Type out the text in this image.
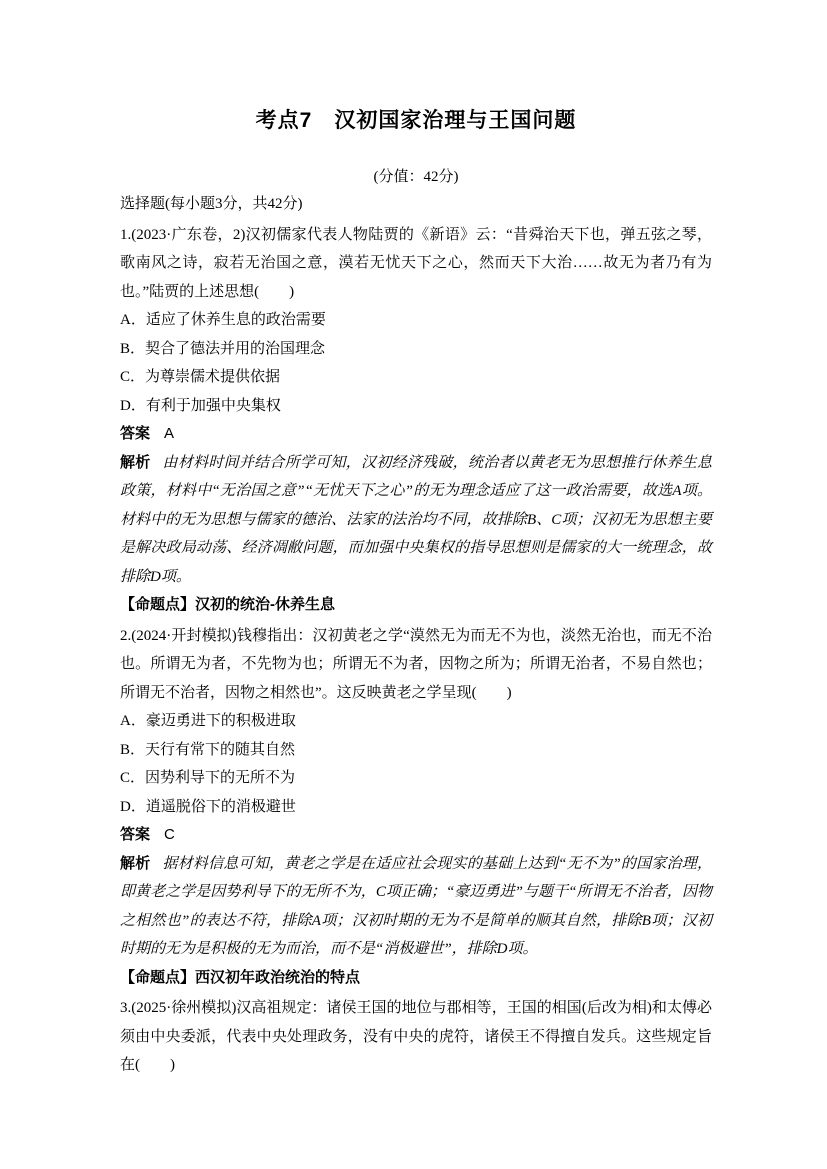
考点7　汉初国家治理与王国问题

(分值：42分)

选择题(每小题3分，共42分)

1.(2023·广东卷，2)汉初儒家代表人物陆贾的《新语》云：“昔舜治天下也，弹五弦之琴，歌南风之诗，寂若无治国之意，漠若无忧天下之心，然而天下大治……故无为者乃有为也。”陆贾的上述思想(　　)

A．适应了休养生息的政治需要

B．契合了德法并用的治国理念

C．为尊崇儒术提供依据

D．有利于加强中央集权

答案 A

解析 由材料时间并结合所学可知，汉初经济残破，统治者以黄老无为思想推行休养生息政策，材料中“无治国之意”“无忧天下之心”的无为理念适应了这一政治需要，故选A项。材料中的无为思想与儒家的德治、法家的法治均不同，故排除B、C项；汉初无为思想主要是解决政局动荡、经济凋敝问题，而加强中央集权的指导思想则是儒家的大一统理念，故排除D项。

【命题点】汉初的统治-休养生息

2.(2024·开封模拟)钱穆指出：汉初黄老之学“漠然无为而无不为也，淡然无治也，而无不治也。所谓无为者，不先物为也；所谓无不为者，因物之所为；所谓无治者，不易自然也；所谓无不治者，因物之相然也”。这反映黄老之学呈现(　　)

A．豪迈勇进下的积极进取

B．天行有常下的随其自然

C．因势利导下的无所不为

D．逍遥脱俗下的消极避世

答案 C

解析 据材料信息可知，黄老之学是在适应社会现实的基础上达到“无不为”的国家治理，即黄老之学是因势利导下的无所不为，C项正确；“豪迈勇进”与题干“所谓无不治者，因物之相然也”的表达不符，排除A项；汉初时期的无为不是简单的顺其自然，排除B项；汉初时期的无为是积极的无为而治，而不是“消极避世”，排除D项。

【命题点】西汉初年政治统治的特点

3.(2025·徐州模拟)汉高祖规定：诸侯王国的地位与郡相等，王国的相国(后改为相)和太傅必须由中央委派，代表中央处理政务，没有中央的虎符，诸侯王不得擅自发兵。这些规定旨在(　　)
